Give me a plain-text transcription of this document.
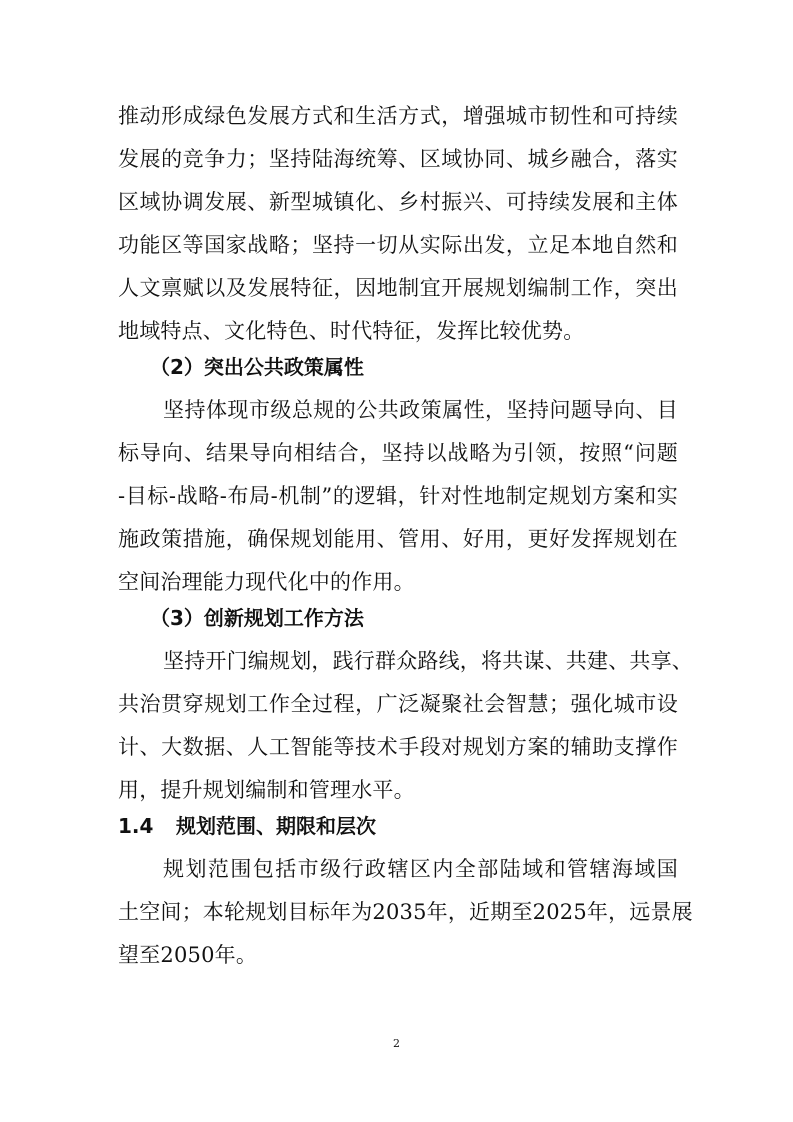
推动形成绿色发展方式和生活方式，增强城市韧性和可持续
发展的竞争力；坚持陆海统筹、区域协同、城乡融合，落实
区域协调发展、新型城镇化、乡村振兴、可持续发展和主体
功能区等国家战略；坚持一切从实际出发，立足本地自然和
人文禀赋以及发展特征，因地制宜开展规划编制工作，突出
地域特点、文化特色、时代特征，发挥比较优势。
（2）突出公共政策属性
坚持体现市级总规的公共政策属性，坚持问题导向、目
标导向、结果导向相结合，坚持以战略为引领，按照“问题
-目标-战略-布局-机制”的逻辑，针对性地制定规划方案和实
施政策措施，确保规划能用、管用、好用，更好发挥规划在
空间治理能力现代化中的作用。
（3）创新规划工作方法
坚持开门编规划，践行群众路线，将共谋、共建、共享、
共治贯穿规划工作全过程，广泛凝聚社会智慧；强化城市设
计、大数据、人工智能等技术手段对规划方案的辅助支撑作
用，提升规划编制和管理水平。
1.4 规划范围、期限和层次
规划范围包括市级行政辖区内全部陆域和管辖海域国
土空间；本轮规划目标年为2035年，近期至2025年，远景展
望至2050年。
2
